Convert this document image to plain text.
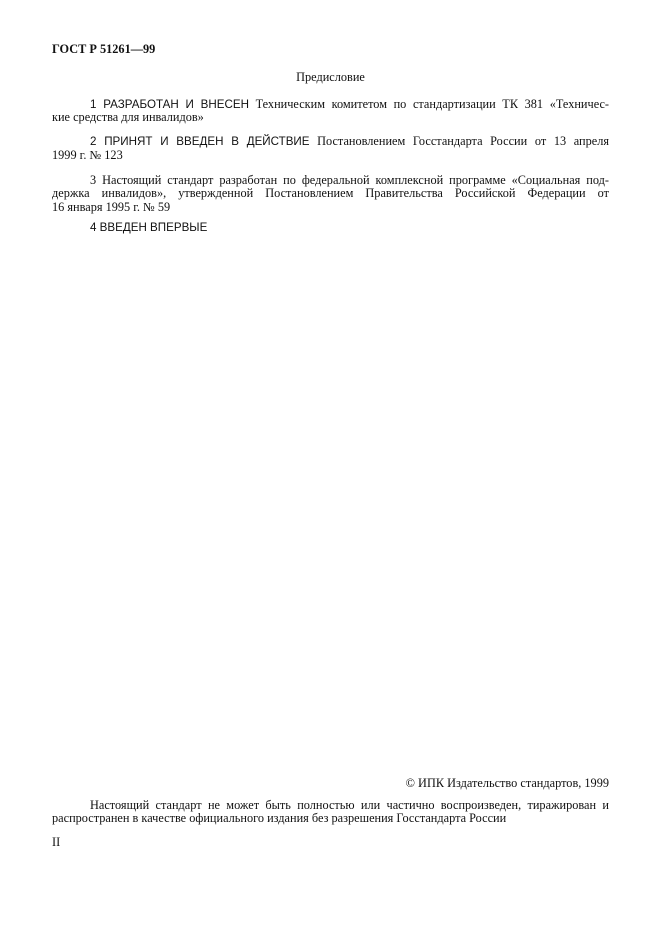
ГОСТ Р 51261—99
Предисловие
1 РАЗРАБОТАН И ВНЕСЕН Техническим комитетом по стандартизации ТК 381 «Техничес-
кие средства для инвалидов»
2 ПРИНЯТ И ВВЕДЕН В ДЕЙСТВИЕ Постановлением Госстандарта России от 13 апреля
1999 г. № 123
3 Настоящий стандарт разработан по федеральной комплексной программе «Социальная под-
держка инвалидов», утвержденной Постановлением Правительства Российской Федерации от
16 января 1995 г. № 59
4 ВВЕДЕН ВПЕРВЫЕ
© ИПК Издательство стандартов, 1999
Настоящий стандарт не может быть полностью или частично воспроизведен, тиражирован и
распространен в качестве официального издания без разрешения Госстандарта России
II
